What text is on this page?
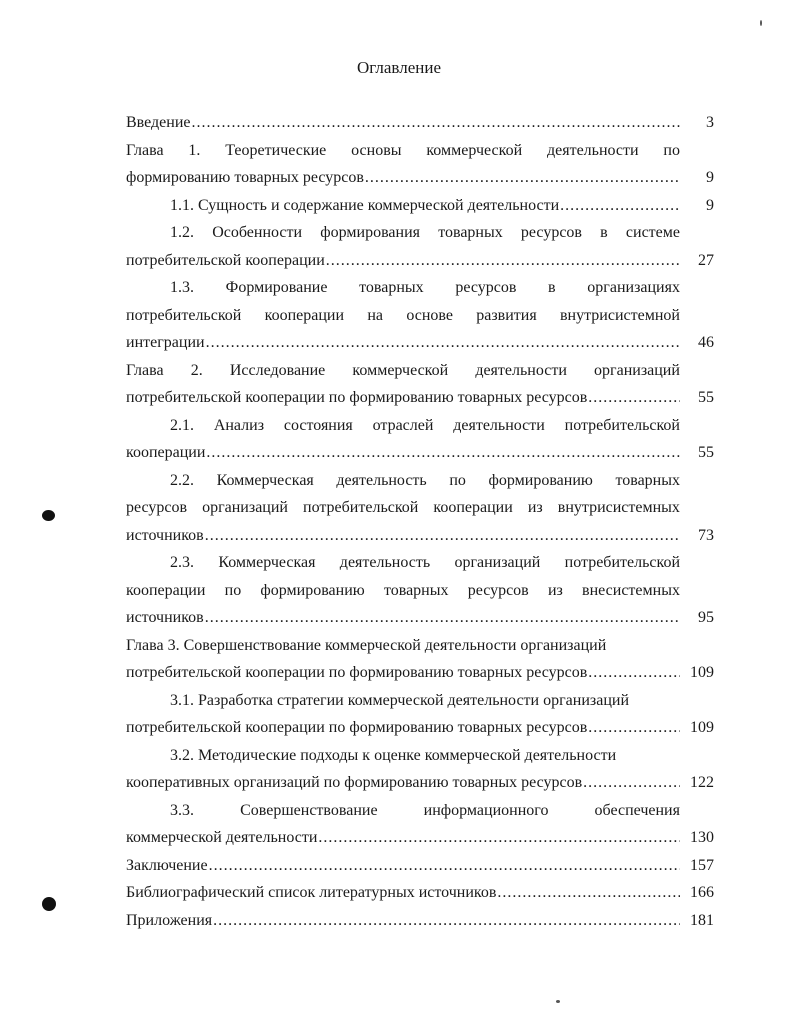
Оглавление
Введение .....	3
Глава 1. Теоретические основы коммерческой деятельности по
формированию товарных ресурсов .....	9
1.1. Сущность и содержание коммерческой деятельности .....	9
1.2. Особенности формирования товарных ресурсов в системе
потребительской кооперации .....	27
1.3. Формирование товарных ресурсов в организациях
потребительской кооперации на основе развития внутрисистемной
интеграции .....	46
Глава 2. Исследование коммерческой деятельности организаций
потребительской кооперации по формированию товарных ресурсов .....	55
2.1. Анализ состояния отраслей деятельности потребительской
кооперации .....	55
2.2. Коммерческая деятельность по формированию товарных
ресурсов организаций потребительской кооперации из внутрисистемных
источников .....	73
2.3. Коммерческая деятельность организаций потребительской
кооперации по формированию товарных ресурсов из внесистемных
источников .....	95
Глава 3. Совершенствование коммерческой деятельности организаций
потребительской кооперации по формированию товарных ресурсов .....	109
3.1. Разработка стратегии коммерческой деятельности организаций
потребительской кооперации по формированию товарных ресурсов .....	109
3.2. Методические подходы к оценке коммерческой деятельности
кооперативных организаций по формированию товарных ресурсов .....	122
3.3.	Совершенствование	информационного	обеспечения
коммерческой деятельности .....	130
Заключение .....	157
Библиографический список литературных источников .....	166
Приложения .....	181
